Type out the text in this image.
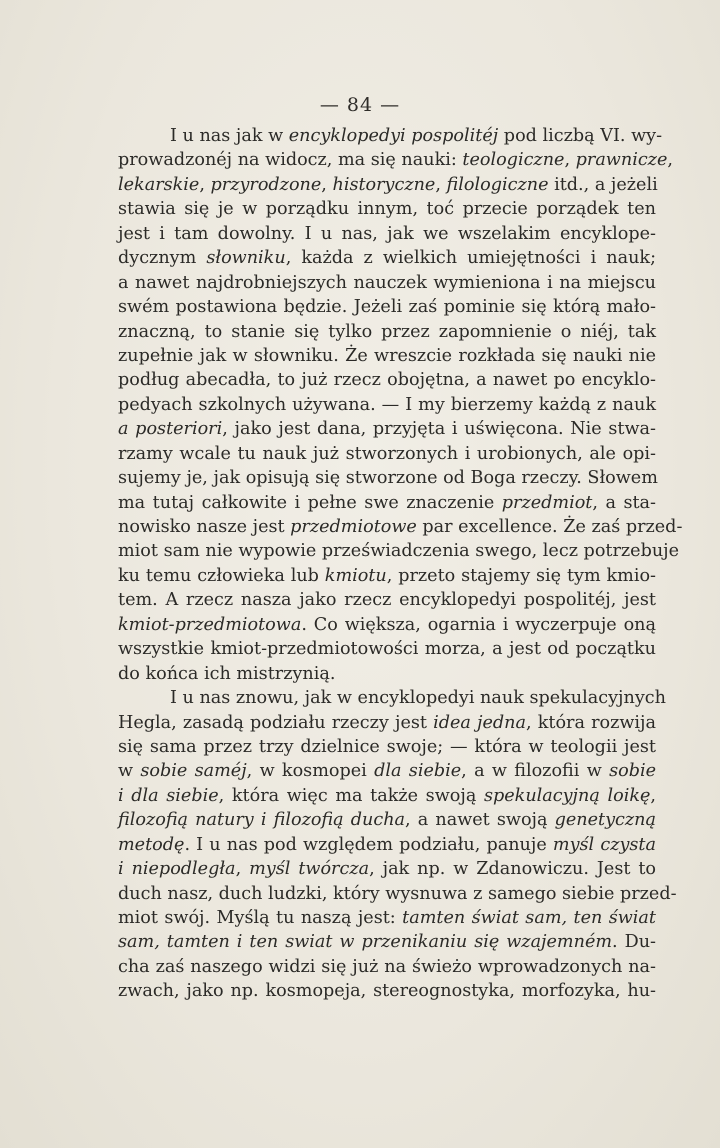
— 84 —
I u nas jak w encyklopedyi pospolitéj pod liczbą VI. wy-
prowadzonéj na widocz, ma się nauki: teologiczne, prawnicze,
lekarskie, przyrodzone, historyczne, filologiczne itd., a jeżeli
stawia się je w porządku innym, toć przecie porządek ten
jest i tam dowolny. I u nas, jak we wszelakim encyklope-
dycznym słowniku, każda z wielkich umiejętności i nauk;
a nawet najdrobniejszych nauczek wymieniona i na miejscu
swém postawiona będzie. Jeżeli zaś pominie się którą mało-
znaczną, to stanie się tylko przez zapomnienie o niéj, tak
zupełnie jak w słowniku. Że wreszcie rozkłada się nauki nie
podług abecadła, to już rzecz obojętna, a nawet po encyklo-
pedyach szkolnych używana. — I my bierzemy każdą z nauk
a posteriori, jako jest dana, przyjęta i uświęcona. Nie stwa-
rzamy wcale tu nauk już stworzonych i urobionych, ale opi-
sujemy je, jak opisują się stworzone od Boga rzeczy. Słowem
ma tutaj całkowite i pełne swe znaczenie przedmiot, a sta-
nowisko nasze jest przedmiotowe par excellence. Że zaś przed-
miot sam nie wypowie przeświadczenia swego, lecz potrzebuje
ku temu człowieka lub kmiotu, przeto stajemy się tym kmio-
tem. A rzecz nasza jako rzecz encyklopedyi pospolitéj, jest
kmiot-przedmiotowa. Co większa, ogarnia i wyczerpuje oną
wszystkie kmiot-przedmiotowości morza, a jest od początku
do końca ich mistrzynią.
I u nas znowu, jak w encyklopedyi nauk spekulacyjnych
Hegla, zasadą podziału rzeczy jest idea jedna, która rozwija
się sama przez trzy dzielnice swoje; — która w teologii jest
w sobie saméj, w kosmopei dla siebie, a w filozofii w sobie
i dla siebie, która więc ma także swoją spekulacyjną loikę,
filozofią natury i filozofią ducha, a nawet swoją genetyczną
metodę. I u nas pod względem podziału, panuje myśl czysta
i niepodległa, myśl twórcza, jak np. w Zdanowiczu. Jest to
duch nasz, duch ludzki, który wysnuwa z samego siebie przed-
miot swój. Myślą tu naszą jest: tamten świat sam, ten świat
sam, tamten i ten swiat w przenikaniu się wzajemném. Du-
cha zaś naszego widzi się już na świeżo wprowadzonych na-
zwach, jako np. kosmopeja, stereognostyka, morfozyka, hu-
